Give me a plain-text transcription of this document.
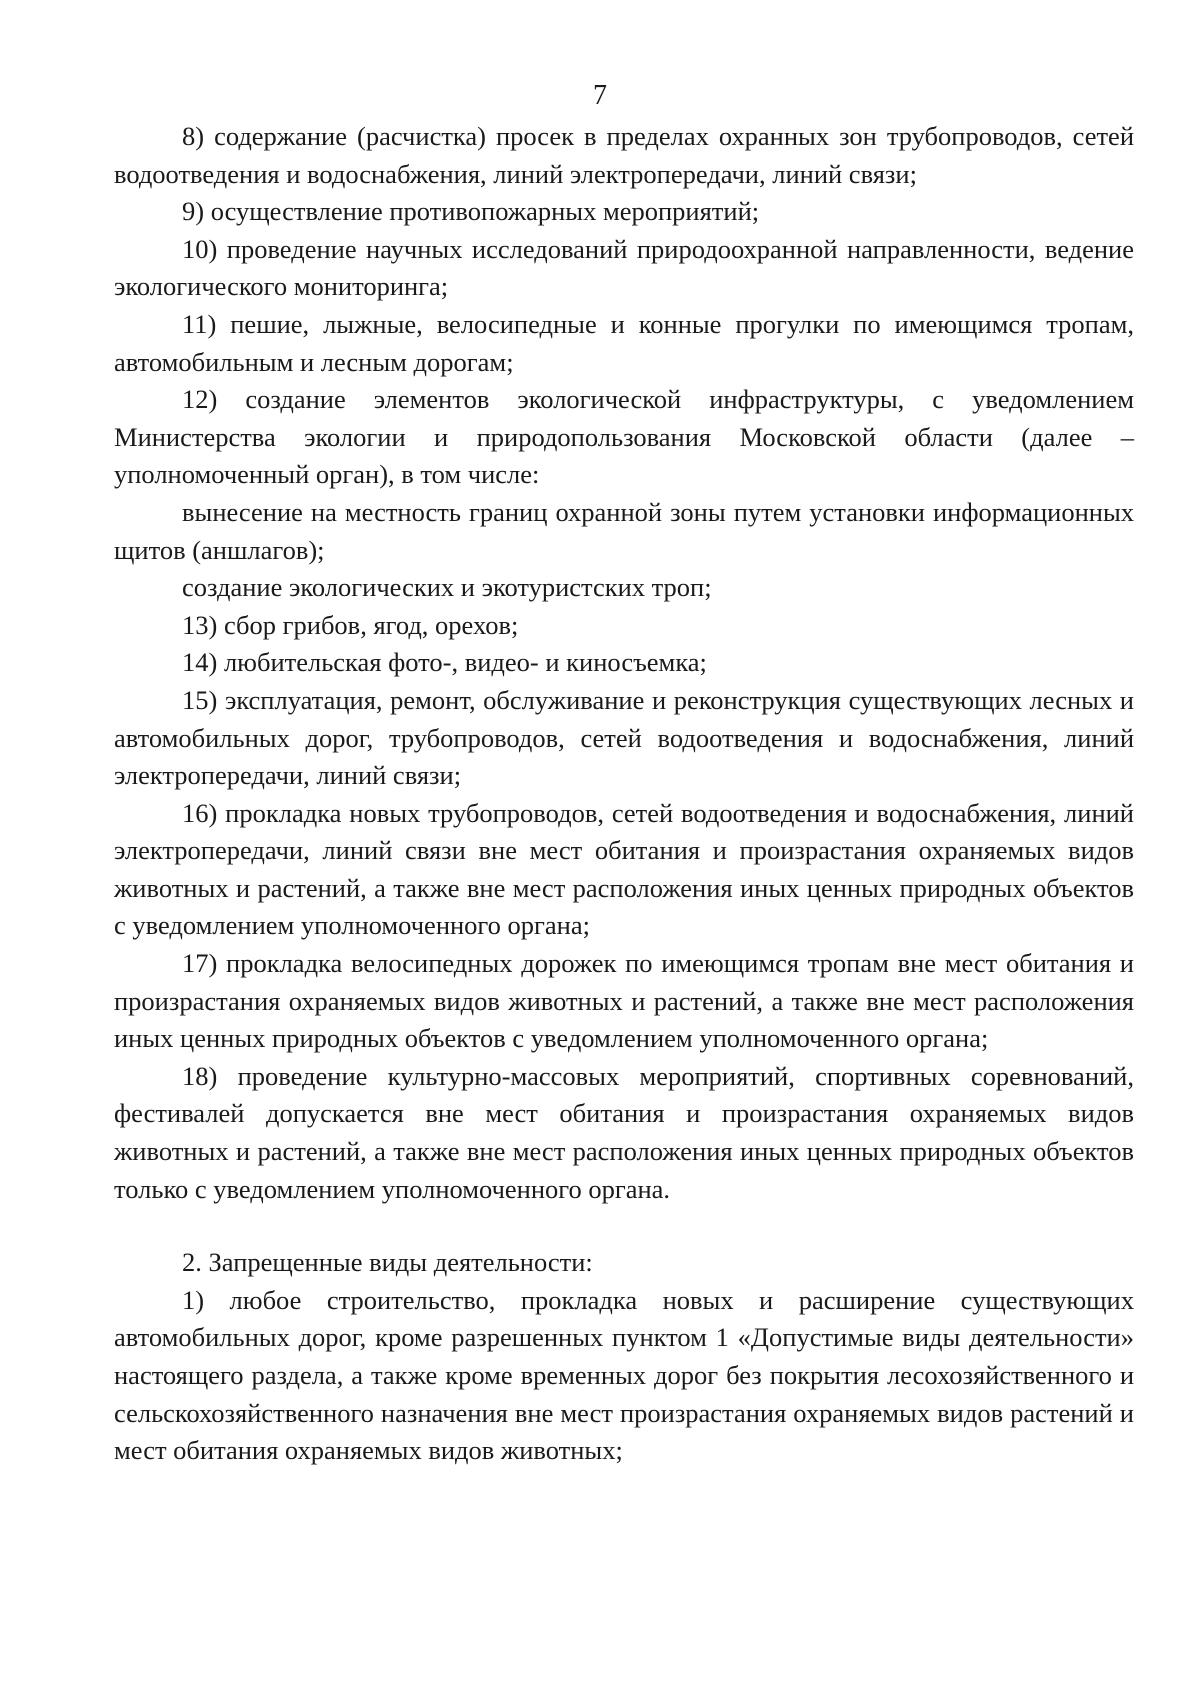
7

8) содержание (расчистка) просек в пределах охранных зон трубопроводов, сетей водоотведения и водоснабжения, линий электропередачи, линий связи;

9) осуществление противопожарных мероприятий;

10) проведение научных исследований природоохранной направленности, ведение экологического мониторинга;

11) пешие, лыжные, велосипедные и конные прогулки по имеющимся тропам, автомобильным и лесным дорогам;

12) создание элементов экологической инфраструктуры, с уведомлением Министерства экологии и природопользования Московской области (далее – уполномоченный орган), в том числе:

вынесение на местность границ охранной зоны путем установки информационных щитов (аншлагов);

создание экологических и экотуристских троп;

13) сбор грибов, ягод, орехов;

14) любительская фото-, видео- и киносъемка;

15) эксплуатация, ремонт, обслуживание и реконструкция существующих лесных и автомобильных дорог, трубопроводов, сетей водоотведения и водоснабжения, линий электропередачи, линий связи;

16) прокладка новых трубопроводов, сетей водоотведения и водоснабжения, линий электропередачи, линий связи вне мест обитания и произрастания охраняемых видов животных и растений, а также вне мест расположения иных ценных природных объектов с уведомлением уполномоченного органа;

17) прокладка велосипедных дорожек по имеющимся тропам вне мест обитания и произрастания охраняемых видов животных и растений, а также вне мест расположения иных ценных природных объектов с уведомлением уполномоченного органа;

18) проведение культурно-массовых мероприятий, спортивных соревнований, фестивалей допускается вне мест обитания и произрастания охраняемых видов животных и растений, а также вне мест расположения иных ценных природных объектов только с уведомлением уполномоченного органа.

2. Запрещенные виды деятельности:

1) любое строительство, прокладка новых и расширение существующих автомобильных дорог, кроме разрешенных пунктом 1 «Допустимые виды деятельности» настоящего раздела, а также кроме временных дорог без покрытия лесохозяйственного и сельскохозяйственного назначения вне мест произрастания охраняемых видов растений и мест обитания охраняемых видов животных;
